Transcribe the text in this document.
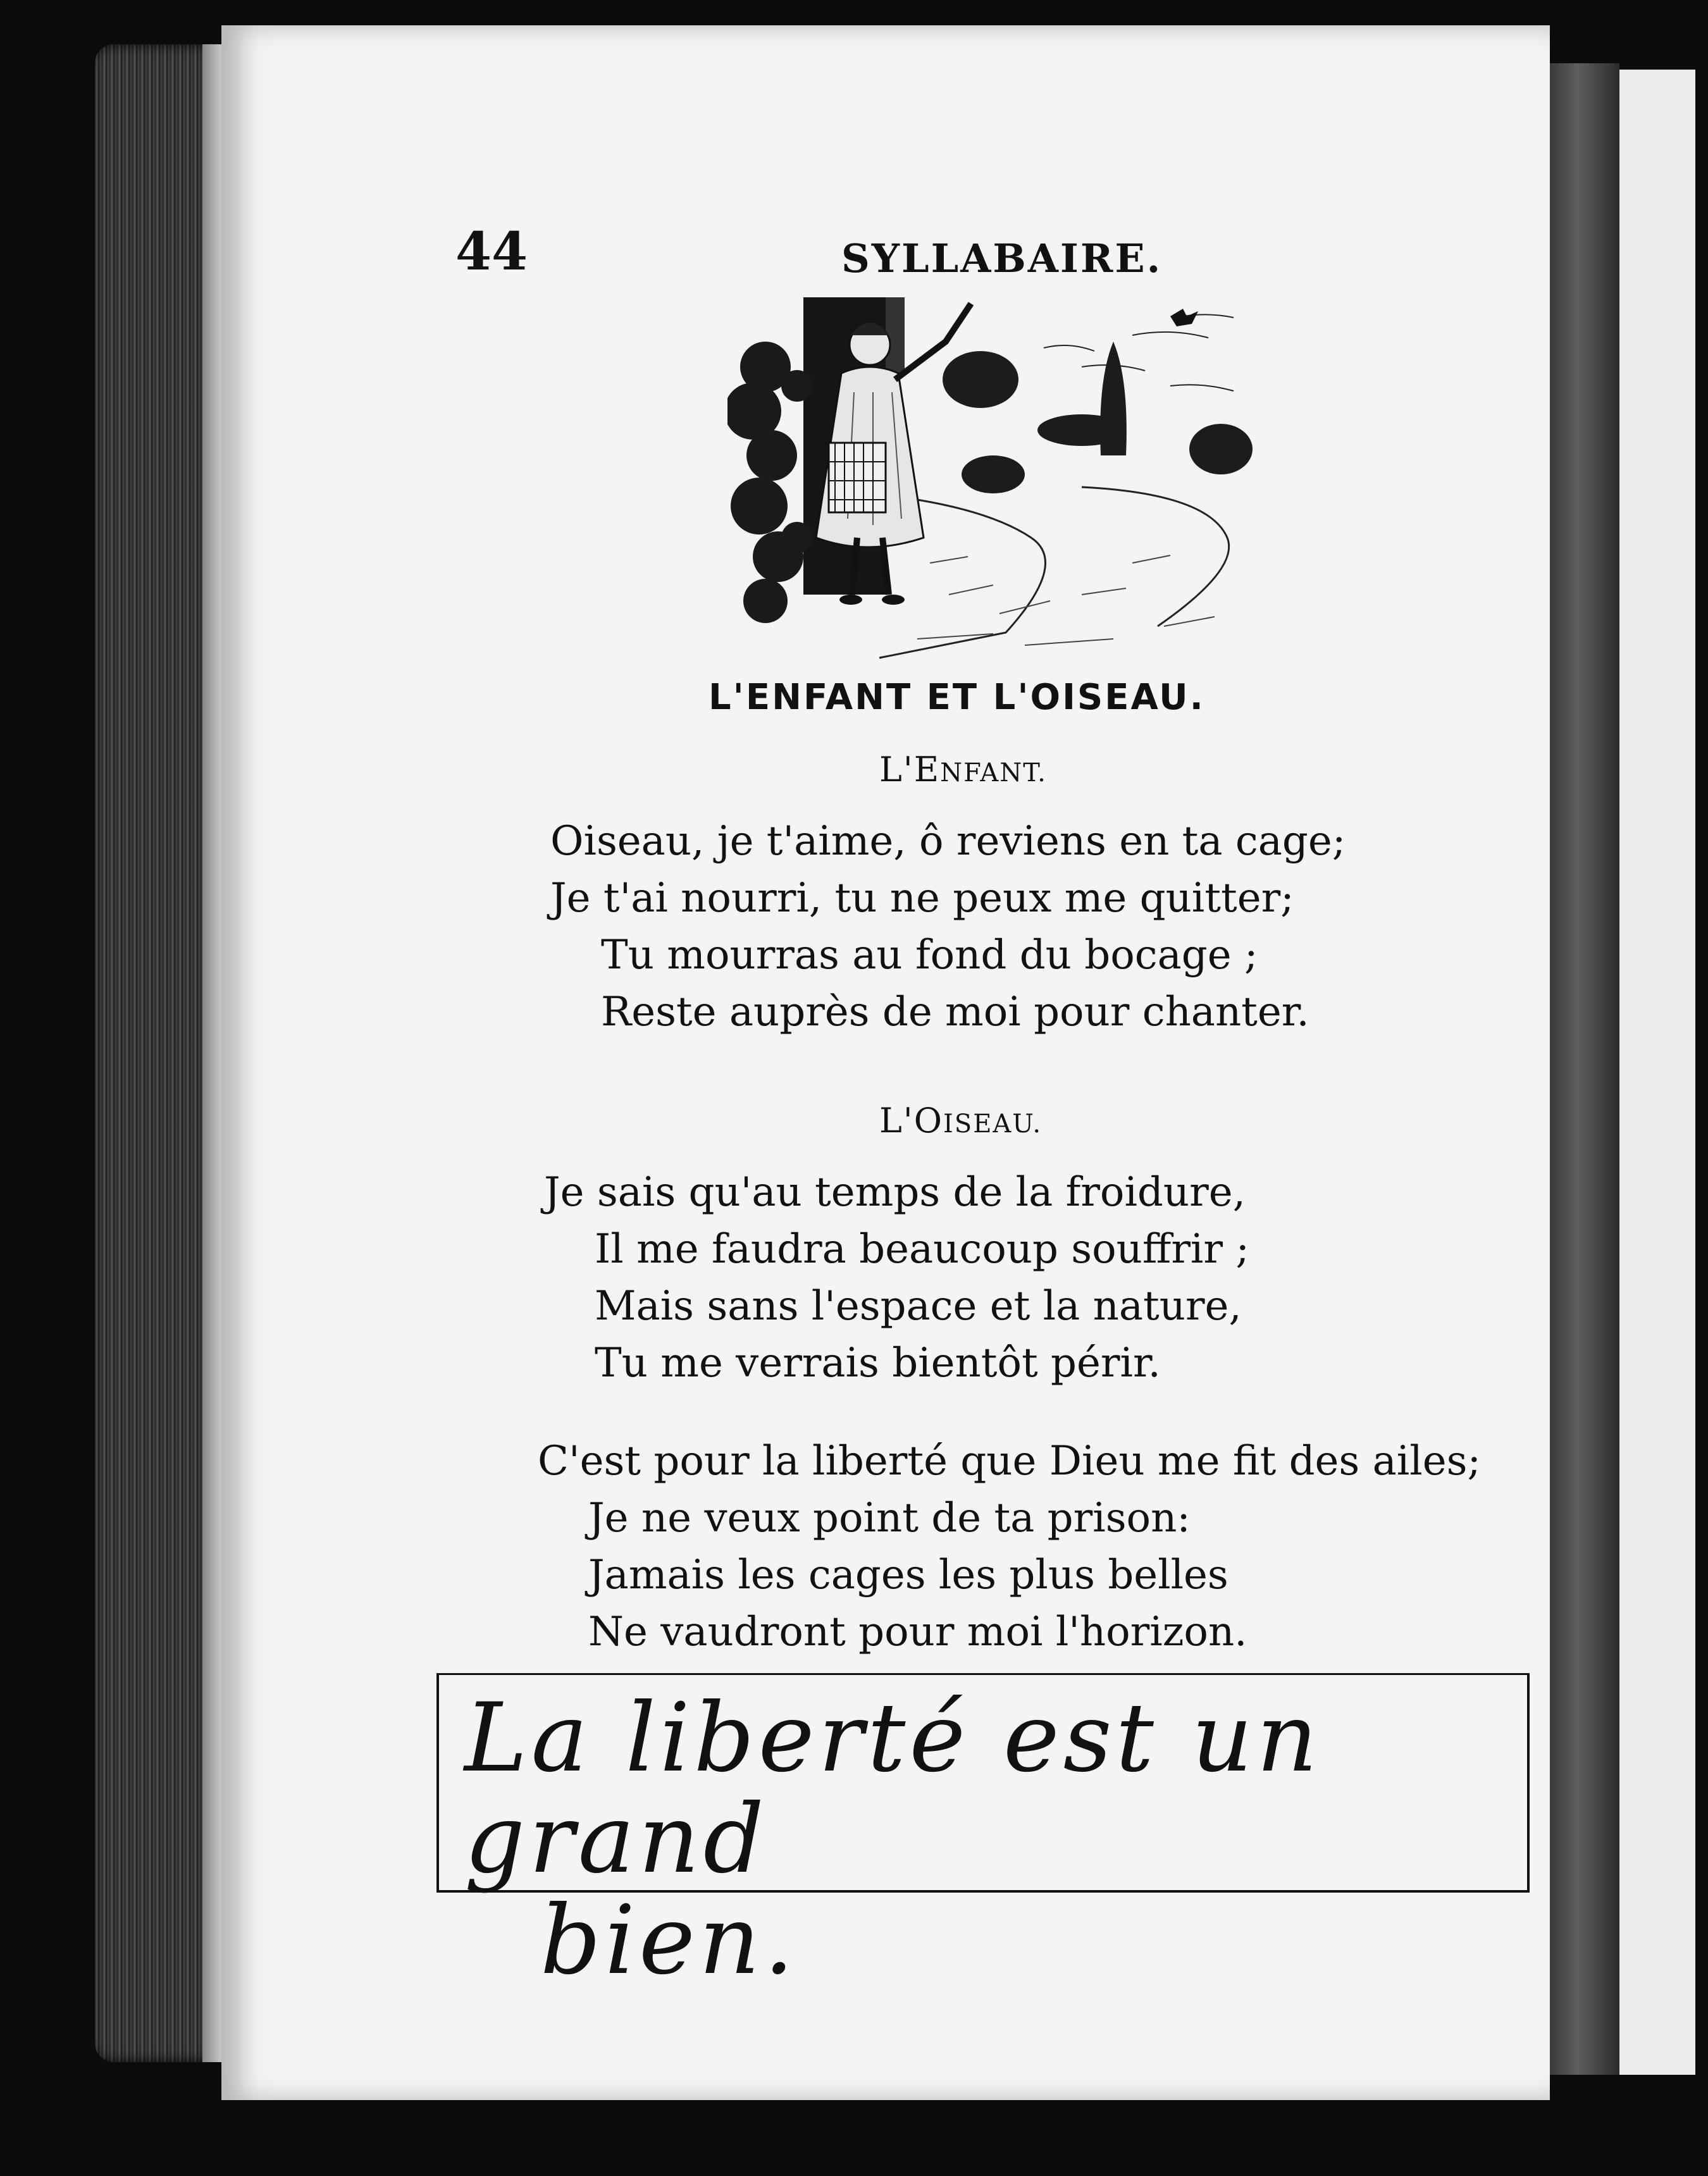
44	SYLLABAIRE.
L'ENFANT ET L'OISEAU.
L'ENFANT.
Oiseau, je t'aime, ô reviens en ta cage;
Je t'ai nourri, tu ne peux me quitter;
Tu mourras au fond du bocage ;
Reste auprès de moi pour chanter.
L'OISEAU.
Je sais qu'au temps de la froidure,
Il me faudra beaucoup souffrir ;
Mais sans l'espace et la nature,
Tu me verrais bientôt périr.
C'est pour la liberté que Dieu me fit des ailes;
Je ne veux point de ta prison:
Jamais les cages les plus belles
Ne vaudront pour moi l'horizon.
La liberté est un grand
bien.
